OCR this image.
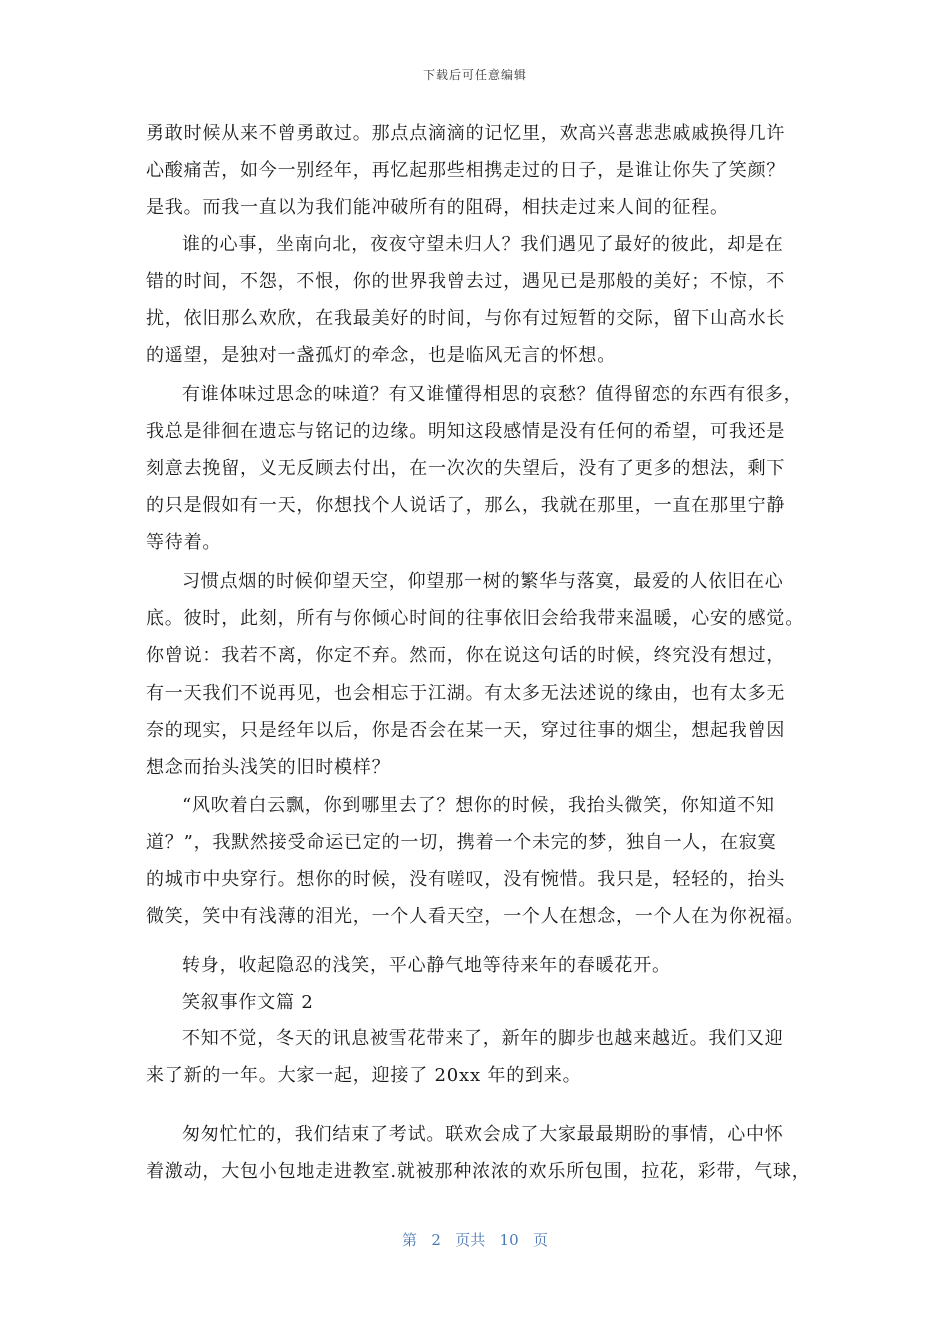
下载后可任意编辑
勇敢时候从来不曾勇敢过。那点点滴滴的记忆里，欢高兴喜悲悲戚戚换得几许
心酸痛苦，如今一别经年，再忆起那些相携走过的日子，是谁让你失了笑颜？
是我。而我一直以为我们能冲破所有的阻碍，相扶走过来人间的征程。
谁的心事，坐南向北，夜夜守望未归人？我们遇见了最好的彼此，却是在
错的时间，不怨，不恨，你的世界我曾去过，遇见已是那般的美好；不惊，不
扰，依旧那么欢欣，在我最美好的时间，与你有过短暂的交际，留下山高水长
的遥望，是独对一盏孤灯的牵念，也是临风无言的怀想。
有谁体味过思念的味道？有又谁懂得相思的哀愁？值得留恋的东西有很多，
我总是徘徊在遗忘与铭记的边缘。明知这段感情是没有任何的希望，可我还是
刻意去挽留，义无反顾去付出，在一次次的失望后，没有了更多的想法，剩下
的只是假如有一天，你想找个人说话了，那么，我就在那里，一直在那里宁静
等待着。
习惯点烟的时候仰望天空，仰望那一树的繁华与落寞，最爱的人依旧在心
底。彼时，此刻，所有与你倾心时间的往事依旧会给我带来温暖，心安的感觉。
你曾说：我若不离，你定不弃。然而，你在说这句话的时候，终究没有想过，
有一天我们不说再见，也会相忘于江湖。有太多无法述说的缘由，也有太多无
奈的现实，只是经年以后，你是否会在某一天，穿过往事的烟尘，想起我曾因
想念而抬头浅笑的旧时模样？
“风吹着白云飘，你到哪里去了？想你的时候，我抬头微笑，你知道不知
道？”，我默然接受命运已定的一切，携着一个未完的梦，独自一人，在寂寞
的城市中央穿行。想你的时候，没有嗟叹，没有惋惜。我只是，轻轻的，抬头
微笑，笑中有浅薄的泪光，一个人看天空，一个人在想念，一个人在为你祝福。
转身，收起隐忍的浅笑，平心静气地等待来年的春暖花开。
笑叙事作文篇 2
不知不觉，冬天的讯息被雪花带来了，新年的脚步也越来越近。我们又迎
来了新的一年。大家一起，迎接了 20xx 年的到来。
匆匆忙忙的，我们结束了考试。联欢会成了大家最最期盼的事情，心中怀
着激动，大包小包地走进教室.就被那种浓浓的欢乐所包围，拉花，彩带，气球，
第 2 页共 10 页
